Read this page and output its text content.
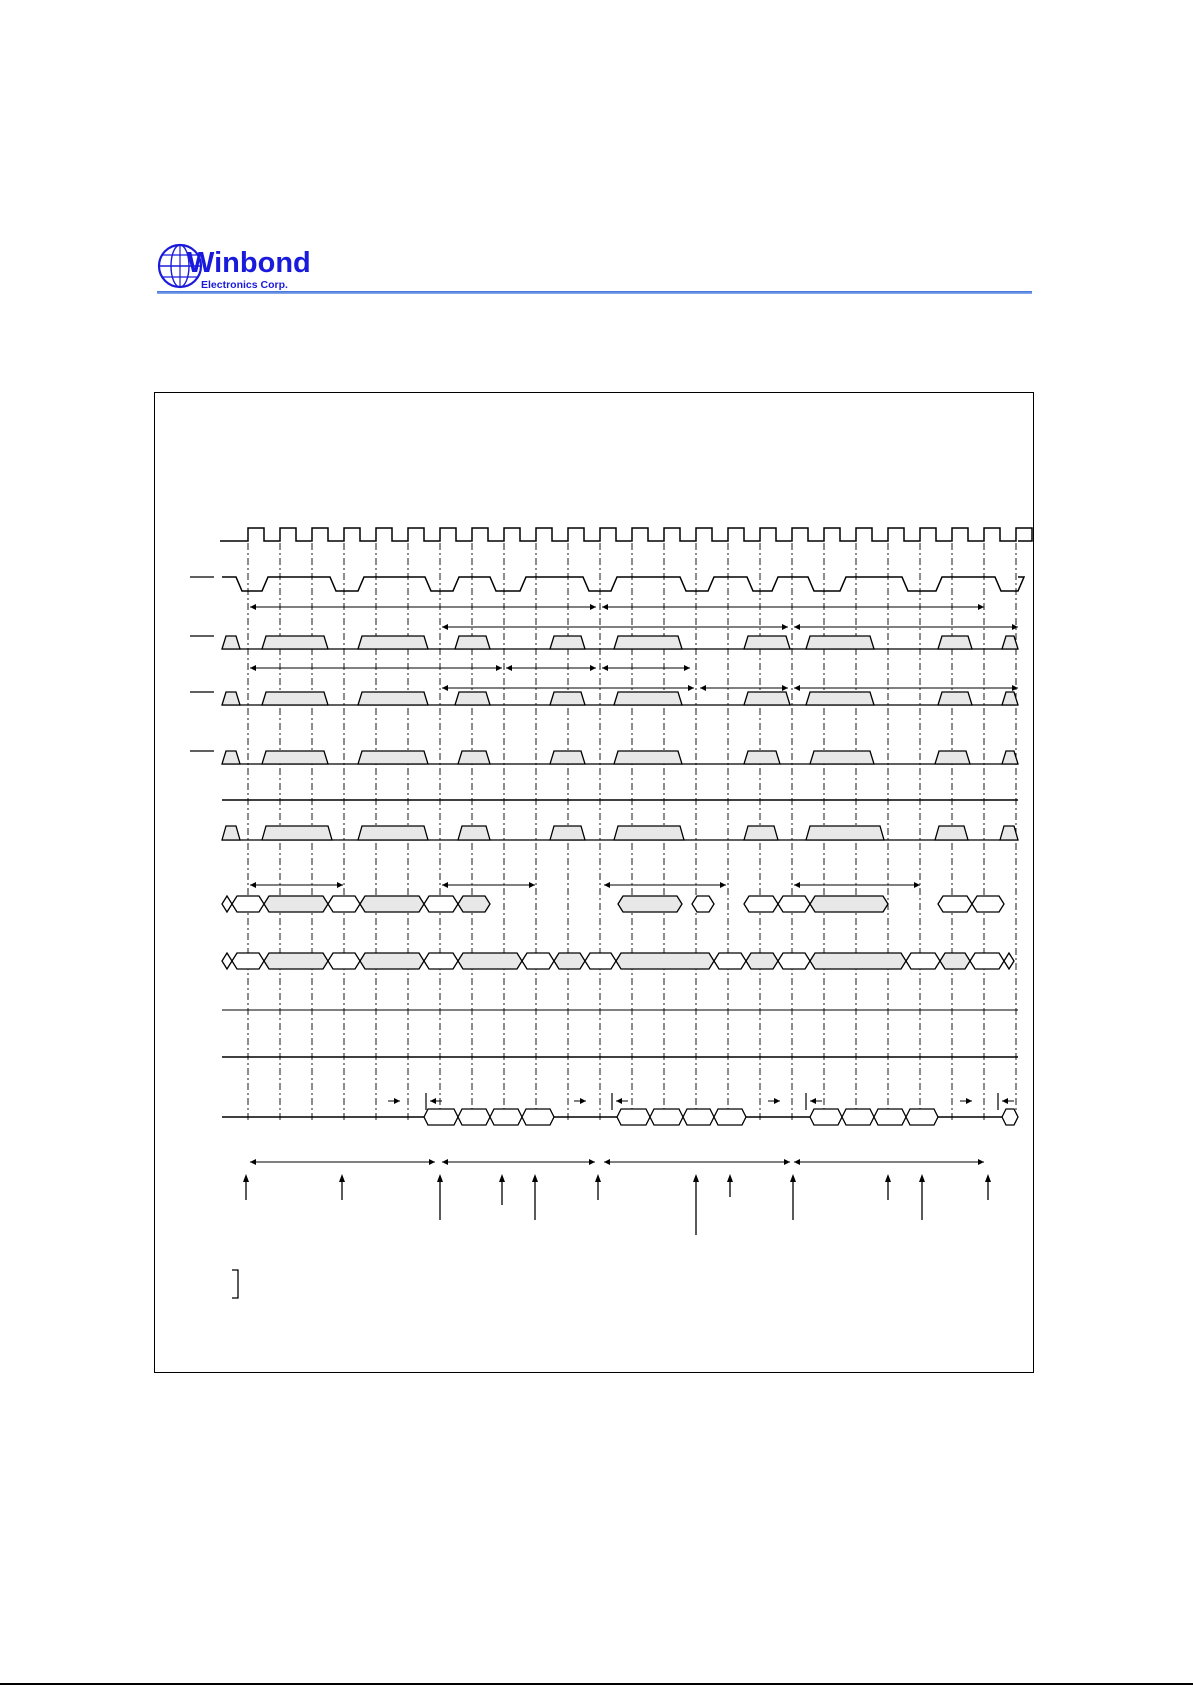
Winbond
Electronics Corp.
